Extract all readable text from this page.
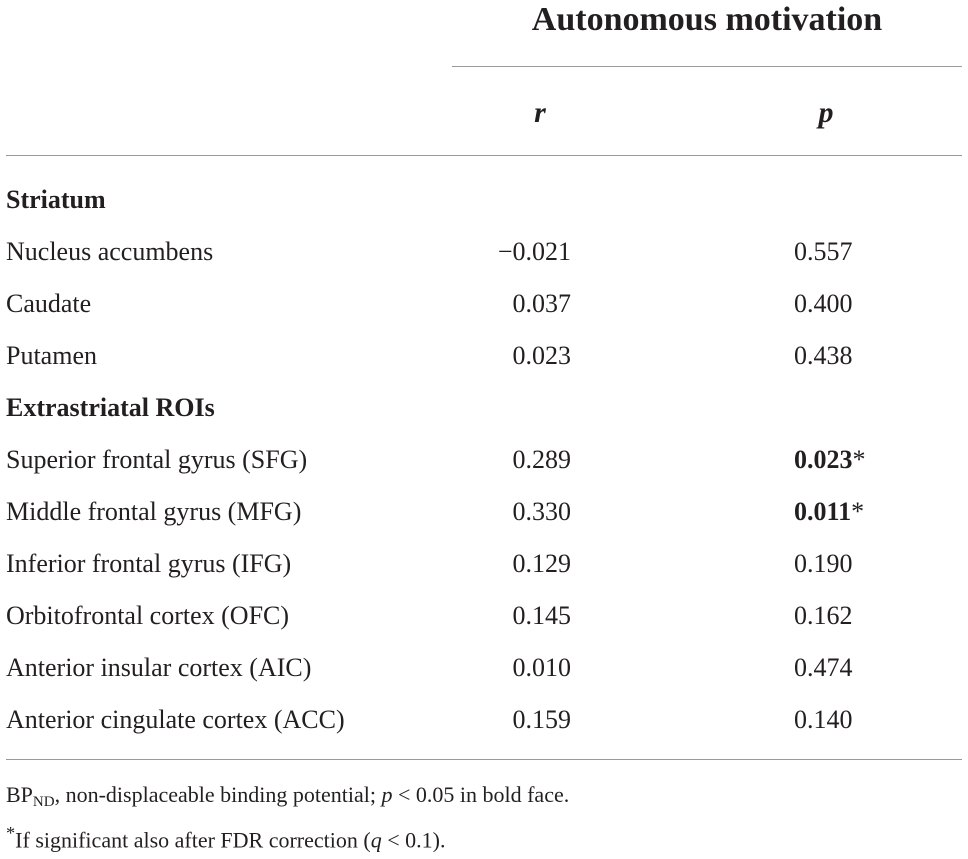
Autonomous motivation
r	p
Striatum
Nucleus accumbens	−0.021	0.557
Caudate	0.037	0.400
Putamen	0.023	0.438
Extrastriatal ROIs
Superior frontal gyrus (SFG)	0.289	0.023*
Middle frontal gyrus (MFG)	0.330	0.011*
Inferior frontal gyrus (IFG)	0.129	0.190
Orbitofrontal cortex (OFC)	0.145	0.162
Anterior insular cortex (AIC)	0.010	0.474
Anterior cingulate cortex (ACC)	0.159	0.140
$BP_{ND}$, non-displaceable binding potential; p < 0.05 in bold face.
*If significant also after FDR correction (q < 0.1).
